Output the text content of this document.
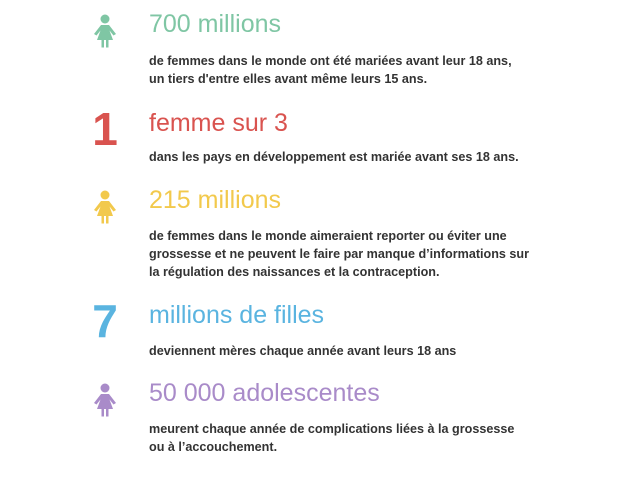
700 millions

de femmes dans le monde ont été mariées avant leur 18 ans,
un tiers d'entre elles avant même leurs 15 ans.

1	femme sur 3

dans les pays en développement est mariée avant ses 18 ans.

215 millions

de femmes dans le monde aimeraient reporter ou éviter une
grossesse et ne peuvent le faire par manque d’informations sur
la régulation des naissances et la contraception.

7	millions de filles

deviennent mères chaque année avant leurs 18 ans

50 000 adolescentes

meurent chaque année de complications liées à la grossesse
ou à l’accouchement.
